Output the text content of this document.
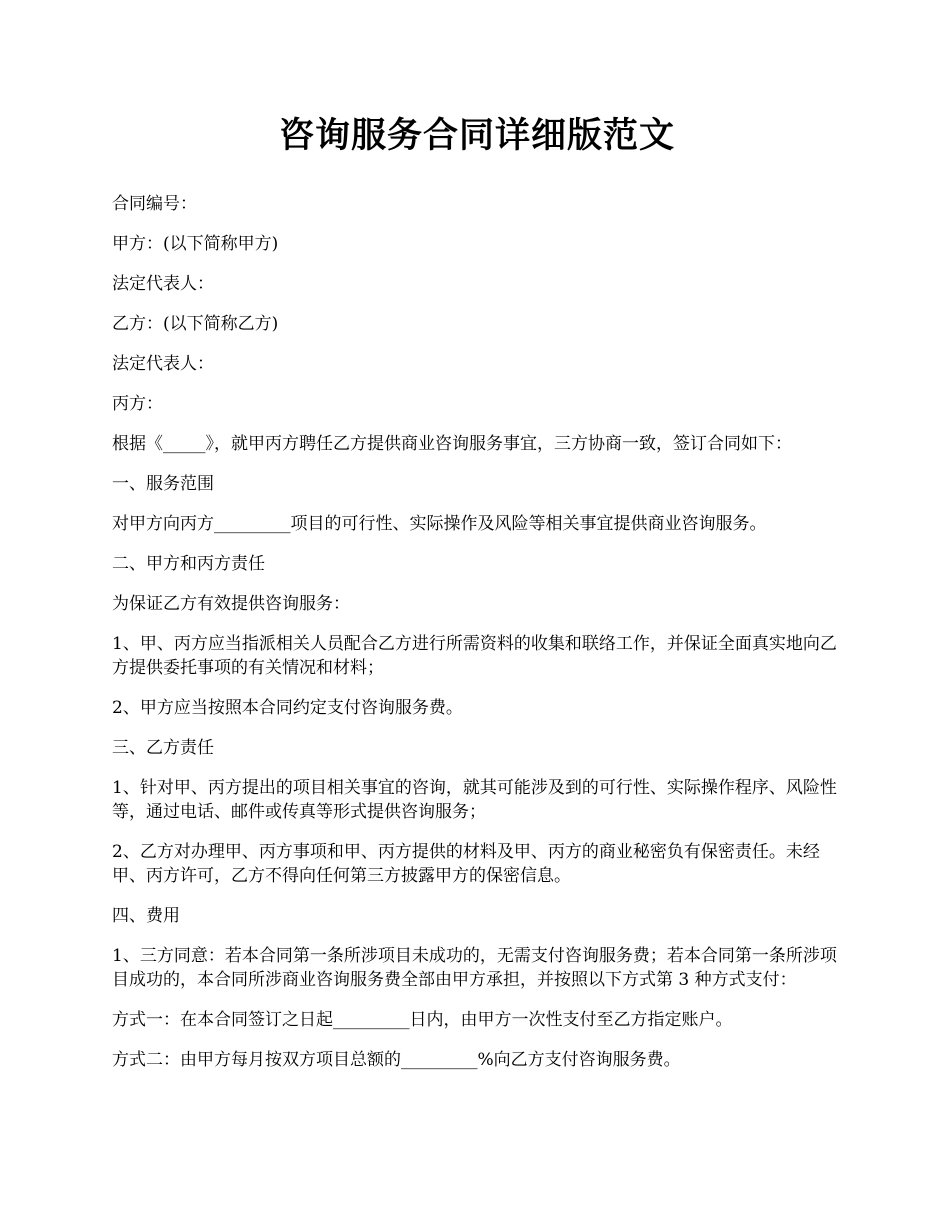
咨询服务合同详细版范文

合同编号：

甲方：(以下简称甲方)

法定代表人：

乙方：(以下简称乙方)

法定代表人：

丙方：

根据《_____》，就甲丙方聘任乙方提供商业咨询服务事宜，三方协商一致，签订合同如下：

一、服务范围

对甲方向丙方_________项目的可行性、实际操作及风险等相关事宜提供商业咨询服务。

二、甲方和丙方责任

为保证乙方有效提供咨询服务：

1、甲、丙方应当指派相关人员配合乙方进行所需资料的收集和联络工作，并保证全面真实地向乙方提供委托事项的有关情况和材料；

2、甲方应当按照本合同约定支付咨询服务费。

三、乙方责任

1、针对甲、丙方提出的项目相关事宜的咨询，就其可能涉及到的可行性、实际操作程序、风险性等，通过电话、邮件或传真等形式提供咨询服务；

2、乙方对办理甲、丙方事项和甲、丙方提供的材料及甲、丙方的商业秘密负有保密责任。未经甲、丙方许可，乙方不得向任何第三方披露甲方的保密信息。

四、费用

1、三方同意：若本合同第一条所涉项目未成功的，无需支付咨询服务费；若本合同第一条所涉项目成功的，本合同所涉商业咨询服务费全部由甲方承担，并按照以下方式第 3 种方式支付：

方式一：在本合同签订之日起_________日内，由甲方一次性支付至乙方指定账户。

方式二：由甲方每月按双方项目总额的_________%向乙方支付咨询服务费。
